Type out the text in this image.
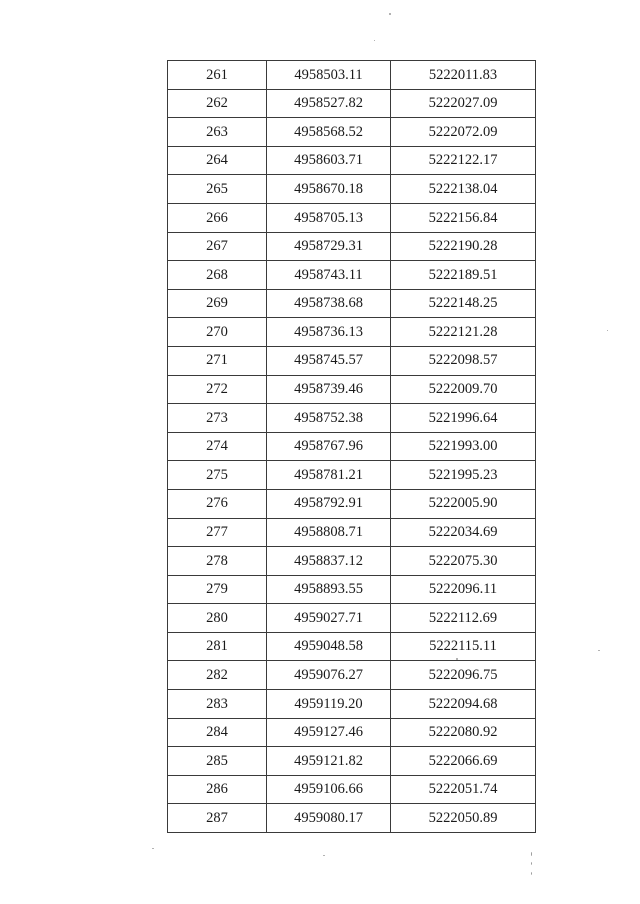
261	4958503.11	5222011.83
262	4958527.82	5222027.09
263	4958568.52	5222072.09
264	4958603.71	5222122.17
265	4958670.18	5222138.04
266	4958705.13	5222156.84
267	4958729.31	5222190.28
268	4958743.11	5222189.51
269	4958738.68	5222148.25
270	4958736.13	5222121.28
271	4958745.57	5222098.57
272	4958739.46	5222009.70
273	4958752.38	5221996.64
274	4958767.96	5221993.00
275	4958781.21	5221995.23
276	4958792.91	5222005.90
277	4958808.71	5222034.69
278	4958837.12	5222075.30
279	4958893.55	5222096.11
280	4959027.71	5222112.69
281	4959048.58	5222115.11
282	4959076.27	5222096.75
283	4959119.20	5222094.68
284	4959127.46	5222080.92
285	4959121.82	5222066.69
286	4959106.66	5222051.74
287	4959080.17	5222050.89
